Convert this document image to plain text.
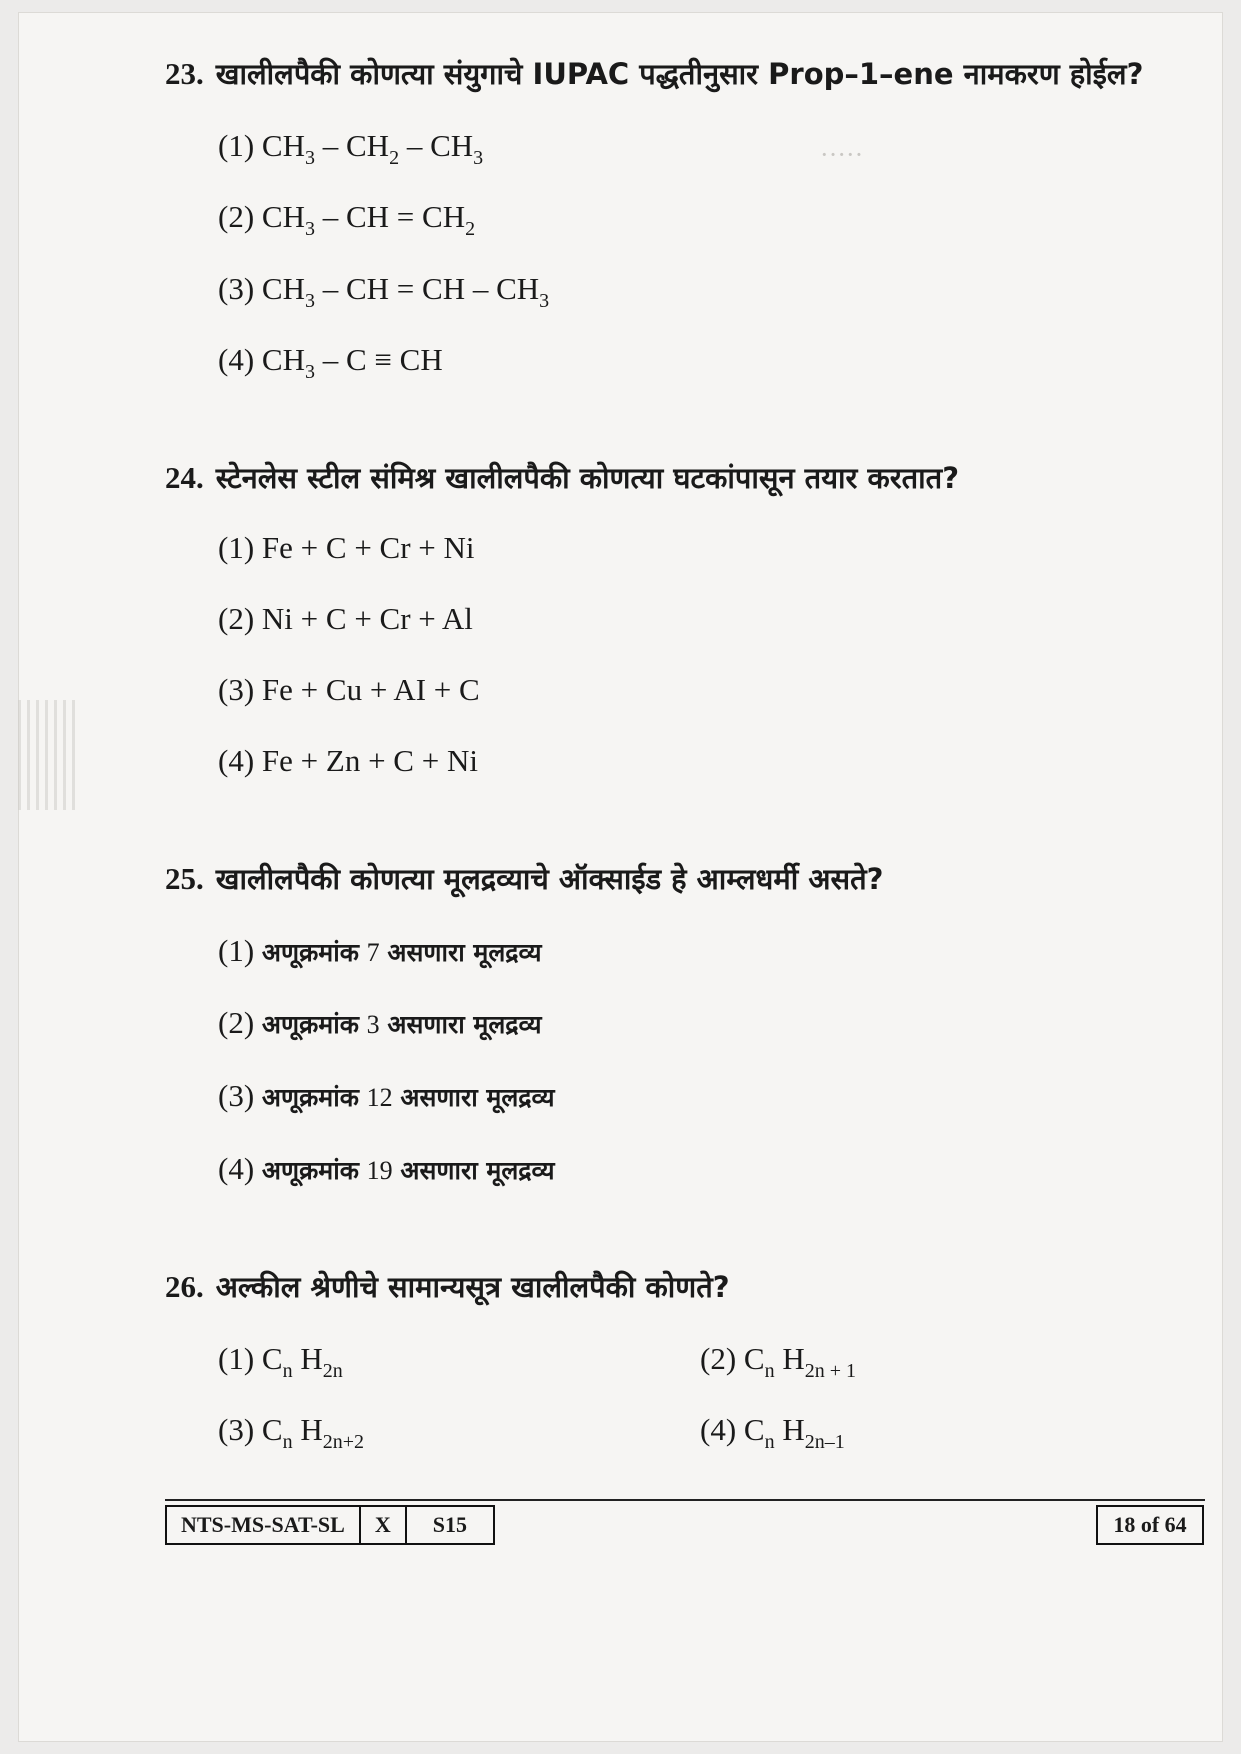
·····
23. खालीलपैकी कोणत्या संयुगाचे IUPAC पद्धतीनुसार Prop–1–ene नामकरण होईल?
(1) $CH_3 - CH_2 - CH_3$
(2) $CH_3$ – CH = $CH_2$
(3) $CH_3$ – CH = CH – $CH_3$
(4) $CH_3$ – C ≡ CH
24. स्टेनलेस स्टील संमिश्र खालीलपैकी कोणत्या घटकांपासून तयार करतात?
(1) Fe + C + Cr + Ni
(2) Ni + C + Cr + Al
(3) Fe + Cu + AI + C
(4) Fe + Zn + C + Ni
25. खालीलपैकी कोणत्या मूलद्रव्याचे ऑक्साईड हे आम्लधर्मी असते?
(1) अणूक्रमांक 7 असणारा मूलद्रव्य
(2) अणूक्रमांक 3 असणारा मूलद्रव्य
(3) अणूक्रमांक 12 असणारा मूलद्रव्य
(4) अणूक्रमांक 19 असणारा मूलद्रव्य
26. अल्कील श्रेणीचे सामान्यसूत्र खालीलपैकी कोणते?
(1) $C_n$ $H_{2n}$	(2) $C_n$ $H_{2n + 1}$
(3) $C_n$ $H_{2n+2}$	(4) $C_n$ $H_{2n-1}$
NTS-MS-SAT-SL	X	S15	18 of 64
